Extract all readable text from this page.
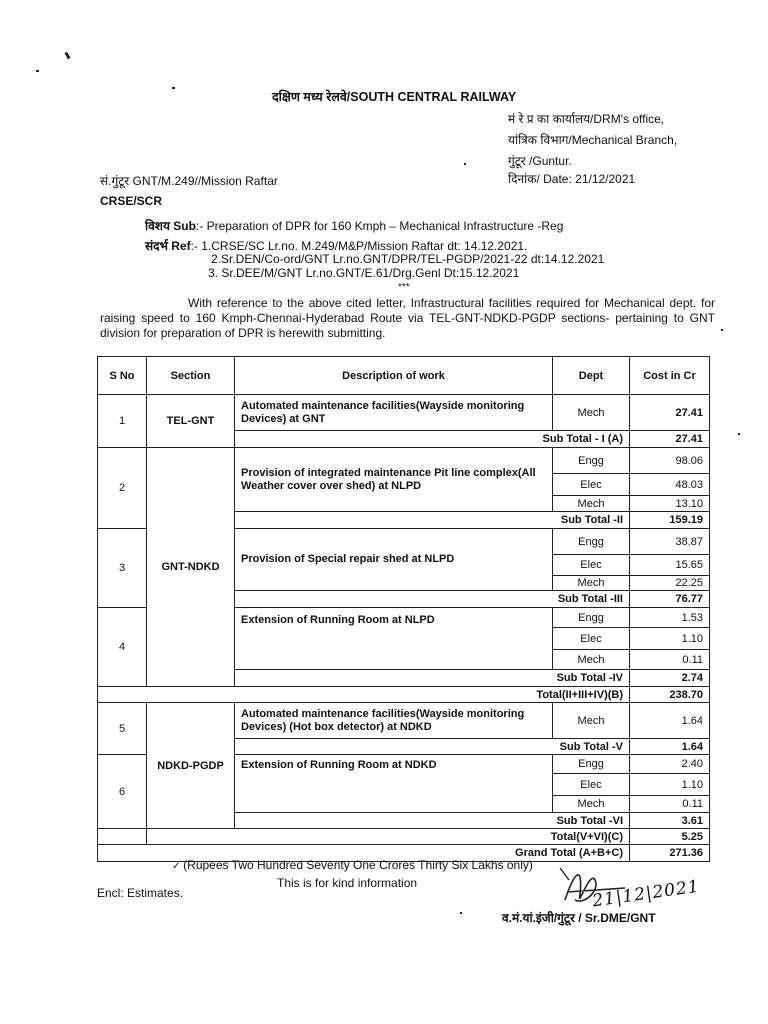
दक्षिण मध्य रेलवे/SOUTH CENTRAL RAILWAY
मं रे प्र का कार्यालय/DRM's office,
यांत्रिक विभाग/Mechanical Branch,
गुंटूर /Guntur.
सं.गुंटूर GNT/M.249//Mission Raftar	दिनांक/ Date: 21/12/2021
CRSE/SCR
विशय Sub:- Preparation of DPR for 160 Kmph – Mechanical Infrastructure -Reg
संदर्भ Ref:- 1.CRSE/SC Lr.no. M.249/M&P/Mission Raftar dt: 14.12.2021.
2.Sr.DEN/Co-ord/GNT Lr.no.GNT/DPR/TEL-PGDP/2021-22 dt:14.12.2021
3. Sr.DEE/M/GNT Lr.no.GNT/E.61/Drg.Genl Dt:15.12.2021
***
With reference to the above cited letter, Infrastructural facilities required for Mechanical dept. for raising speed to 160 Kmph-Chennai-Hyderabad Route via TEL-GNT-NDKD-PGDP sections- pertaining to GNT division for preparation of DPR is herewith submitting.
S No	Section	Description of work	Dept	Cost in Cr
1	TEL-GNT	Automated maintenance facilities(Wayside monitoring Devices) at GNT	Mech	27.41
		Sub Total - I (A)		27.41
2	GNT-NDKD	Provision of integrated maintenance Pit line complex(All Weather cover over shed) at NLPD	Engg	98.06
			Elec	48.03
			Mech	13.10
		Sub Total -II		159.19
3		Provision of Special repair shed at NLPD	Engg	38.87
			Elec	15.65
			Mech	22.25
		Sub Total -III		76.77
4		Extension of Running Room at NLPD	Engg	1.53
			Elec	1.10
			Mech	0.11
		Sub Total -IV		2.74
Total(II+III+IV)(B)				238.70
5	NDKD-PGDP	Automated maintenance facilities(Wayside monitoring Devices) (Hot box detector) at NDKD	Mech	1.64
		Sub Total -V		1.64
6		Extension of Running Room at NDKD	Engg	2.40
			Elec	1.10
			Mech	0.11
		Sub Total -VI		3.61
	Total(V+VI)(C)			5.25
Grand Total (A+B+C)				271.36
✓ (Rupees Two Hundred Seventy One Crores Thirty Six Lakhs only)
This is for kind information
Encl: Estimates.	21|12|2021
व.मं.यां.इंजी/गुंटूर / Sr.DME/GNT
